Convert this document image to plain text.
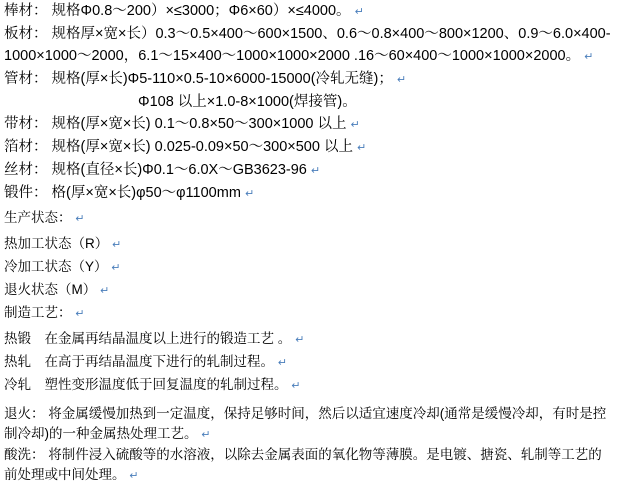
棒材： 规格Φ0.8～200）×≤3000；Φ6×60）×≤4000。 ↵
板材： 规格厚×宽×长）0.3～0.5×400～600×1500、0.6～0.8×400～800×1200、0.9～6.0×400-1000×1000～2000，6.1～15×400～1000×1000×2000 .16～60×400～1000×1000×2000。 ↵
管材： 规格(厚×长)Φ5-110×0.5-10×6000-15000(冷轧无缝)； ↵
Φ108 以上×1.0-8×1000(焊接管)。
带材： 规格(厚×宽×长) 0.1～0.8×50～300×1000 以上 ↵
箔材： 规格(厚×宽×长) 0.025-0.09×50～300×500 以上 ↵
丝材： 规格(直径×长)Φ0.1～6.0X～GB3623-96 ↵
锻件： 格(厚×宽×长)φ50～φ1100mm ↵
生产状态： ↵
热加工状态（R） ↵
冷加工状态（Y） ↵
退火状态（M） ↵
制造工艺： ↵
热锻 在金属再结晶温度以上进行的锻造工艺 。 ↵
热轧 在高于再结晶温度下进行的轧制过程。 ↵
冷轧 塑性变形温度低于回复温度的轧制过程。 ↵
退火： 将金属缓慢加热到一定温度，保持足够时间，然后以适宜速度冷却(通常是缓慢冷却，有时是控制冷却)的一种金属热处理工艺。 ↵
酸洗： 将制件浸入硫酸等的水溶液，以除去金属表面的氧化物等薄膜。是电镀、搪瓷、轧制等工艺的前处理或中间处理。 ↵
